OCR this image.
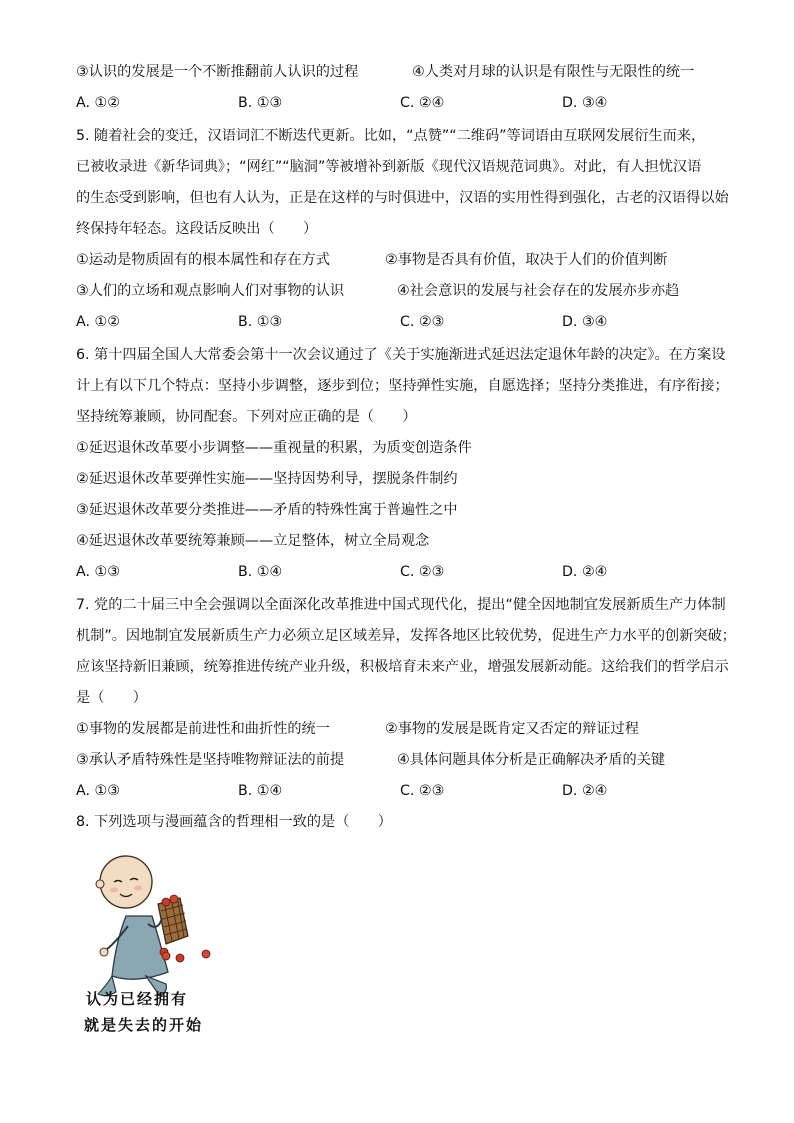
③认识的发展是一个不断推翻前人认识的过程	④人类对月球的认识是有限性与无限性的统一
A. ①②	B. ①③	C. ②④	D. ③④
5. 随着社会的变迁，汉语词汇不断迭代更新。比如，“点赞”“二维码”等词语由互联网发展衍生而来，
已被收录进《新华词典》；“网红”“脑洞”等被增补到新版《现代汉语规范词典》。对此，有人担忧汉语
的生态受到影响，但也有人认为，正是在这样的与时俱进中，汉语的实用性得到强化，古老的汉语得以始
终保持年轻态。这段话反映出（　　）
①运动是物质固有的根本属性和存在方式	②事物是否具有价值，取决于人们的价值判断
③人们的立场和观点影响人们对事物的认识	④社会意识的发展与社会存在的发展亦步亦趋
A. ①②	B. ①③	C. ②③	D. ③④
6. 第十四届全国人大常委会第十一次会议通过了《关于实施渐进式延迟法定退休年龄的决定》。在方案设
计上有以下几个特点：坚持小步调整，逐步到位；坚持弹性实施，自愿选择；坚持分类推进，有序衔接；
坚持统筹兼顾，协同配套。下列对应正确的是（　　）
①延迟退休改革要小步调整——重视量的积累，为质变创造条件
②延迟退休改革要弹性实施——坚持因势利导，摆脱条件制约
③延迟退休改革要分类推进——矛盾的特殊性寓于普遍性之中
④延迟退休改革要统筹兼顾——立足整体，树立全局观念
A. ①③	B. ①④	C. ②③	D. ②④
7. 党的二十届三中全会强调以全面深化改革推进中国式现代化，提出“健全因地制宜发展新质生产力体制
机制”。因地制宜发展新质生产力必须立足区域差异，发挥各地区比较优势，促进生产力水平的创新突破；
应该坚持新旧兼顾，统筹推进传统产业升级，积极培育未来产业，增强发展新动能。这给我们的哲学启示
是（　　）
①事物的发展都是前进性和曲折性的统一	②事物的发展是既肯定又否定的辩证过程
③承认矛盾特殊性是坚持唯物辩证法的前提	④具体问题具体分析是正确解决矛盾的关键
A. ①③	B. ①④	C. ②③	D. ②④
8. 下列选项与漫画蕴含的哲理相一致的是（　　）
认为已经拥有
就是失去的开始
